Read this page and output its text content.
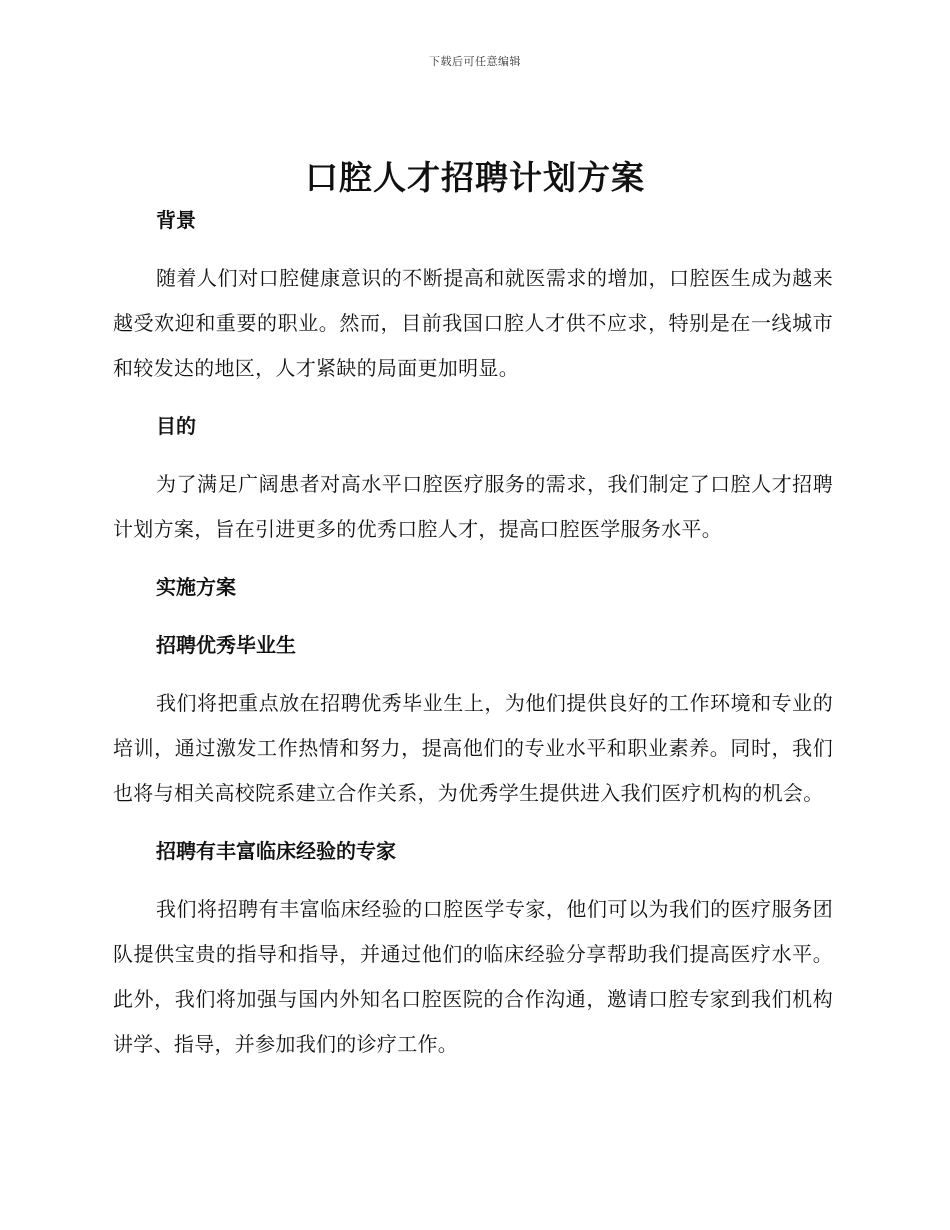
下载后可任意编辑
口腔人才招聘计划方案
背景

随着人们对口腔健康意识的不断提高和就医需求的增加，口腔医生成为越来越受欢迎和重要的职业。然而，目前我国口腔人才供不应求，特别是在一线城市和较发达的地区，人才紧缺的局面更加明显。

目的

为了满足广阔患者对高水平口腔医疗服务的需求，我们制定了口腔人才招聘计划方案，旨在引进更多的优秀口腔人才，提高口腔医学服务水平。

实施方案
招聘优秀毕业生

我们将把重点放在招聘优秀毕业生上，为他们提供良好的工作环境和专业的培训，通过激发工作热情和努力，提高他们的专业水平和职业素养。同时，我们也将与相关高校院系建立合作关系，为优秀学生提供进入我们医疗机构的机会。

招聘有丰富临床经验的专家

我们将招聘有丰富临床经验的口腔医学专家，他们可以为我们的医疗服务团队提供宝贵的指导和指导，并通过他们的临床经验分享帮助我们提高医疗水平。此外，我们将加强与国内外知名口腔医院的合作沟通，邀请口腔专家到我们机构讲学、指导，并参加我们的诊疗工作。
